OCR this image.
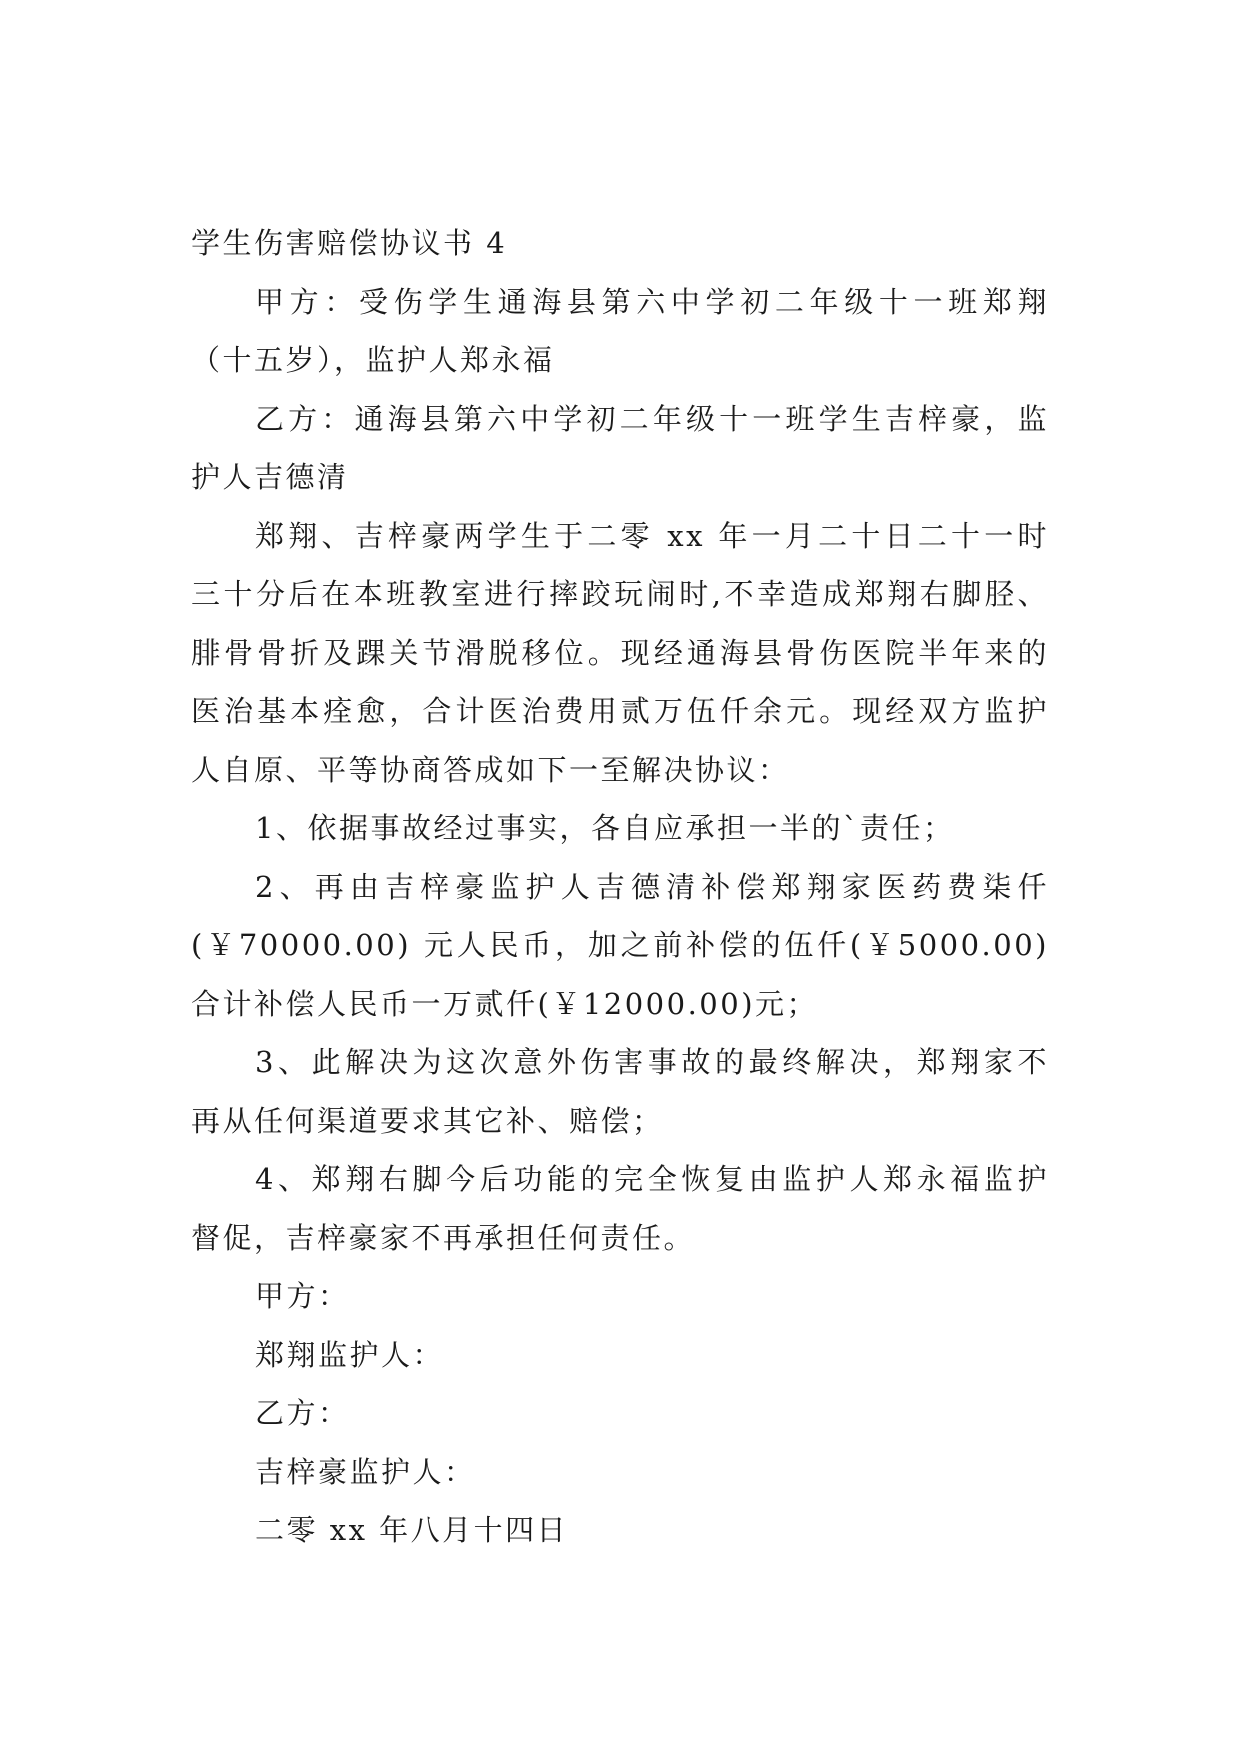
学生伤害赔偿协议书 4
甲方：受伤学生通海县第六中学初二年级十一班郑翔
（十五岁），监护人郑永福
乙方：通海县第六中学初二年级十一班学生吉梓豪，监
护人吉德清
郑翔、吉梓豪两学生于二零 xx 年一月二十日二十一时
三十分后在本班教室进行摔跤玩闹时,不幸造成郑翔右脚胫、
腓骨骨折及踝关节滑脱移位。现经通海县骨伤医院半年来的
医治基本痊愈，合计医治费用贰万伍仟余元。现经双方监护
人自原、平等协商答成如下一至解决协议：
1、依据事故经过事实，各自应承担一半的`责任；
2、再由吉梓豪监护人吉德清补偿郑翔家医药费柒仟
(￥70000.00) 元人民币，加之前补偿的伍仟(￥5000.00)
合计补偿人民币一万贰仟(￥12000.00)元；
3、此解决为这次意外伤害事故的最终解决，郑翔家不
再从任何渠道要求其它补、赔偿；
4、郑翔右脚今后功能的完全恢复由监护人郑永福监护
督促，吉梓豪家不再承担任何责任。
甲方：
郑翔监护人：
乙方：
吉梓豪监护人：
二零 xx 年八月十四日
